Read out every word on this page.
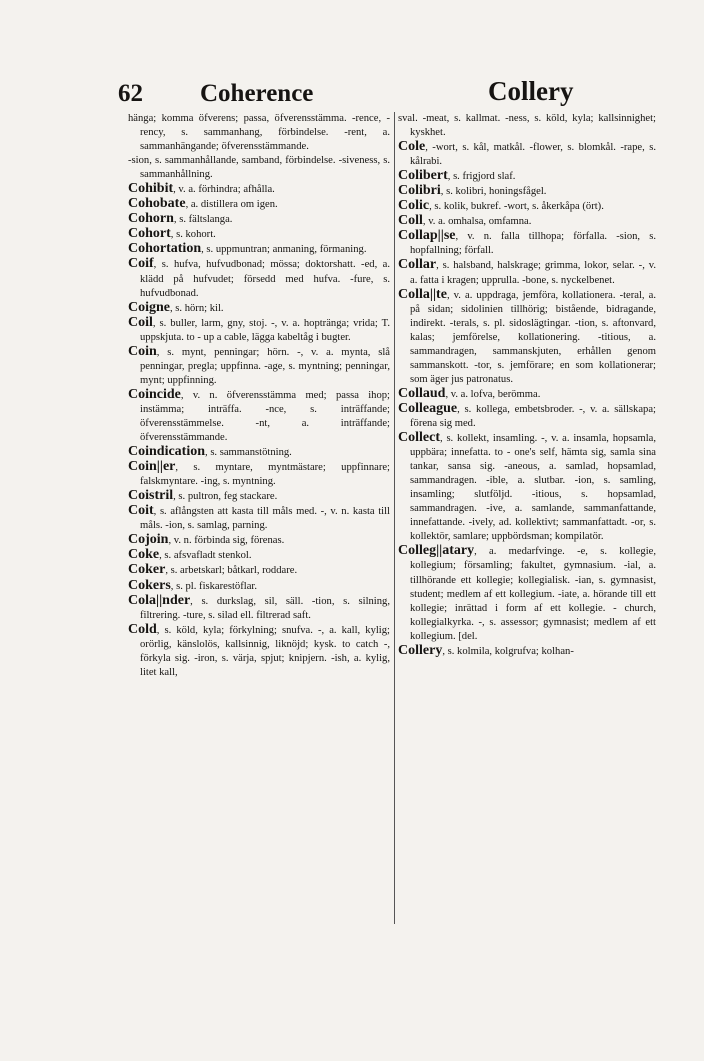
62 Coherence	Collery

hänga; komma öfverens; passa, öfverensstämma. -rence, -rency, s. sammanhang, förbindelse. -rent, a. sammanhängande; öfverensstämmande.

-sion, s. sammanhållande, samband, förbindelse. -siveness, s. sammanhållning.

Cohibit, v. a. förhindra; afhålla.

Cohobate, a. distillera om igen.

Cohorn, s. fältslanga.

Cohort, s. kohort.

Cohortation, s. uppmuntran; anmaning, förmaning.

Coif, s. hufva, hufvudbonad; mössa; doktorshatt. -ed, a. klädd på hufvudet; försedd med hufva. -fure, s. hufvudbonad.

Coigne, s. hörn; kil.

Coil, s. buller, larm, gny, stoj. -, v. a. hoptränga; vrida; T. uppskjuta. to - up a cable, lägga kabeltåg i bugter.

Coin, s. mynt, penningar; hörn. -, v. a. mynta, slå penningar, pregla; uppfinna. -age, s. myntning; penningar, mynt; uppfinning.

Coincide, v. n. öfverensstämma med; passa ihop; instämma; inträffa. -nce, s. inträffande; öfverensstämmelse. -nt, a. inträffande; öfverensstämmande.

Coindication, s. sammanstötning.

Coin||er, s. myntare, myntmästare; uppfinnare; falskmyntare. -ing, s. myntning.

Coistril, s. pultron, feg stackare.

Coit, s. aflångsten att kasta till måls med. -, v. n. kasta till måls. -ion, s. samlag, parning.

Cojoin, v. n. förbinda sig, förenas.

Coke, s. afsvafladt stenkol.

Coker, s. arbetskarl; båtkarl, roddare.

Cokers, s. pl. fiskarestöflar.

Cola||nder, s. durkslag, sil, säll. -tion, s. silning, filtrering. -ture, s. silad ell. filtrerad saft.

Cold, s. köld, kyla; förkylning; snufva. -, a. kall, kylig; orörlig, känslolös, kallsinnig, liknöjd; kysk. to catch -, förkyla sig. -iron, s. värja, spjut; knipjern. -ish, a. kylig, litet kall,

sval. -meat, s. kallmat. -ness, s. köld, kyla; kallsinnighet; kyskhet.

Cole, -wort, s. kål, matkål. -flower, s. blomkål. -rape, s. kålrabi.

Colibert, s. frigjord slaf.

Colibri, s. kolibri, honingsfågel.

Colic, s. kolik, bukref. -wort, s. åkerkåpa (ört).

Coll, v. a. omhalsa, omfamna.

Collap||se, v. n. falla tillhopa; förfalla. -sion, s. hopfallning; förfall.

Collar, s. halsband, halskrage; grimma, lokor, selar. -, v. a. fatta i kragen; upprulla. -bone, s. nyckelbenet.

Colla||te, v. a. uppdraga, jemföra, kollationera. -teral, a. på sidan; sidolinien tillhörig; bistående, bidragande, indirekt. -terals, s. pl. sidoslägtingar. -tion, s. aftonvard, kalas; jemförelse, kollationering. -titious, a. sammandragen, sammanskjuten, erhållen genom sammanskott. -tor, s. jemförare; en som kollationerar; som äger jus patronatus.

Collaud, v. a. lofva, berömma.

Colleague, s. kollega, embetsbroder. -, v. a. sällskapa; förena sig med.

Collect, s. kollekt, insamling. -, v. a. insamla, hopsamla, uppbära; innefatta. to - one's self, hämta sig, samla sina tankar, sansa sig. -aneous, a. samlad, hopsamlad, sammandragen. -ible, a. slutbar. -ion, s. samling, insamling; slutföljd. -itious, s. hopsamlad, sammandragen. -ive, a. samlande, sammanfattande, innefattande. -ively, ad. kollektivt; sammanfattadt. -or, s. kollektör, samlare; uppbördsman; kompilatör.

Colleg||atary, a. medarfvinge. -e, s. kollegie, kollegium; församling; fakultet, gymnasium. -ial, a. tillhörande ett kollegie; kollegialisk. -ian, s. gymnasist, student; medlem af ett kollegium. -iate, a. hörande till ett kollegie; inrättad i form af ett kollegie. - church, kollegialkyrka. -, s. assessor; gymnasist; medlem af ett kollegium. [del.

Collery, s. kolmila, kolgrufva; kolhan-
